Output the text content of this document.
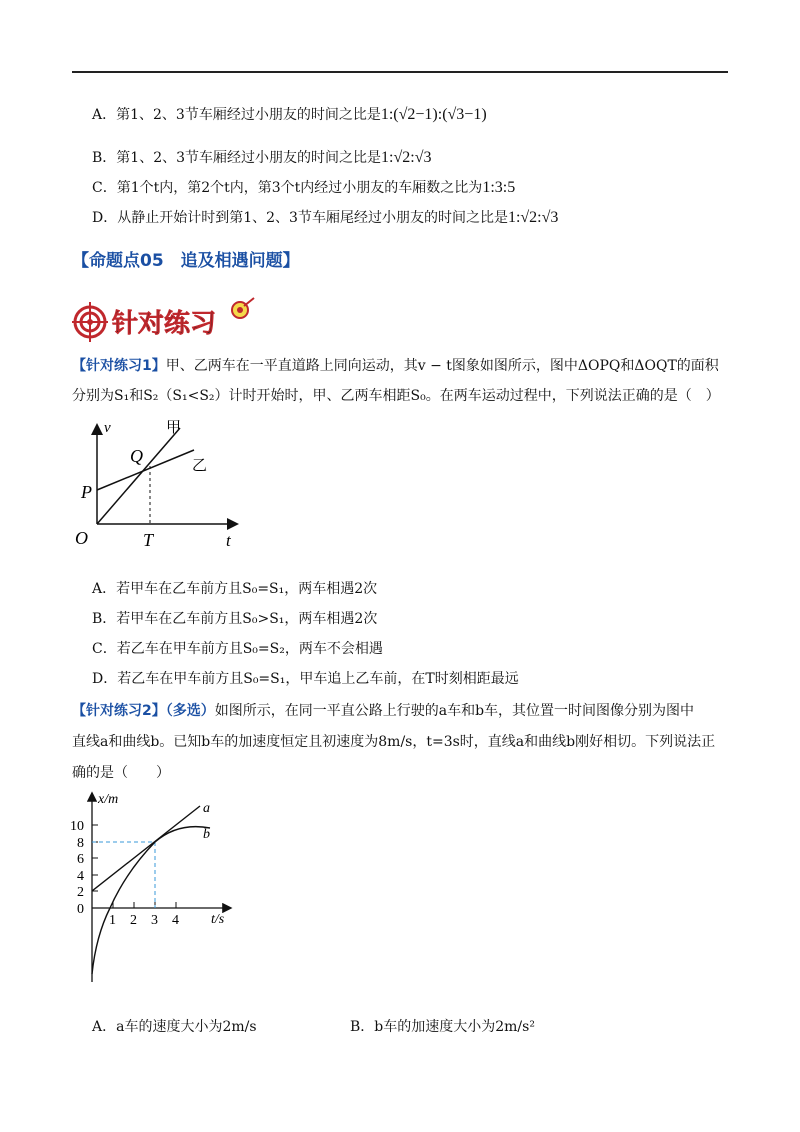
A．第1、2、3节车厢经过小朋友的时间之比是1:(√2−1):(√3−1)
B．第1、2、3节车厢经过小朋友的时间之比是1:√2:√3
C．第1个t内，第2个t内，第3个t内经过小朋友的车厢数之比为1:3:5
D．从静止开始计时到第1、2、3节车厢尾经过小朋友的时间之比是1:√2:√3
【命题点05　追及相遇问题】
针对练习
【针对练习1】甲、乙两车在一平直道路上同向运动，其v − t图象如图所示，图中ΔOPQ和ΔOQT的面积
分别为S₁和S₂（S₁<S₂）计时开始时，甲、乙两车相距S₀。在两车运动过程中，下列说法正确的是（　）
v	甲
乙
Q
P
O	T	t
A．若甲车在乙车前方且S₀=S₁，两车相遇2次
B．若甲车在乙车前方且S₀>S₁，两车相遇2次
C．若乙车在甲车前方且S₀=S₂，两车不会相遇
D．若乙车在甲车前方且S₀=S₁，甲车追上乙车前，在T时刻相距最远
【针对练习2】（多选）如图所示，在同一平直公路上行驶的a车和b车，其位置一时间图像分别为图中
直线a和曲线b。已知b车的加速度恒定且初速度为8m/s，t=3s时，直线a和曲线b刚好相切。下列说法正
确的是（　　）
x/m
t/s
10
8
6
4
2
0
1 2 3 4
a
b
A．a车的速度大小为2m/s	B．b车的加速度大小为2m/s²
